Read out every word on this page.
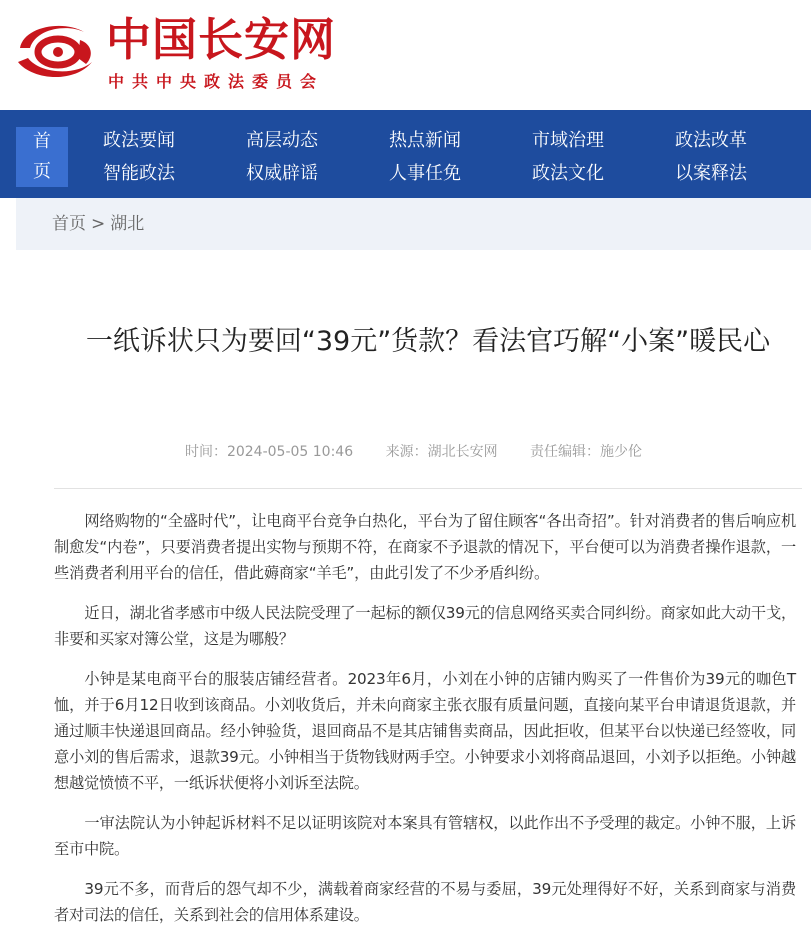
中国长安网
中共中央政法委员会
首
页
政法要闻	高层动态	热点新闻	市域治理	政法改革
智能政法	权威辟谣	人事任免	政法文化	以案释法
首页 > 湖北
一纸诉状只为要回“39元”货款？看法官巧解“小案”暖民心
时间：2024-05-05 10:46 来源：湖北长安网 责任编辑：施少伦

网络购物的“全盛时代”，让电商平台竞争白热化，平台为了留住顾客“各出奇招”。针对消费者的售后响应机制愈发“内卷”，只要消费者提出实物与预期不符，在商家不予退款的情况下，平台便可以为消费者操作退款，一些消费者利用平台的信任，借此薅商家“羊毛”，由此引发了不少矛盾纠纷。

近日，湖北省孝感市中级人民法院受理了一起标的额仅39元的信息网络买卖合同纠纷。商家如此大动干戈，非要和买家对簿公堂，这是为哪般？

小钟是某电商平台的服装店铺经营者。2023年6月，小刘在小钟的店铺内购买了一件售价为39元的咖色T恤，并于6月12日收到该商品。小刘收货后，并未向商家主张衣服有质量问题，直接向某平台申请退货退款，并通过顺丰快递退回商品。经小钟验货，退回商品不是其店铺售卖商品，因此拒收，但某平台以快递已经签收，同意小刘的售后需求，退款39元。小钟相当于货物钱财两手空。小钟要求小刘将商品退回，小刘予以拒绝。小钟越想越觉愤愤不平，一纸诉状便将小刘诉至法院。

一审法院认为小钟起诉材料不足以证明该院对本案具有管辖权，以此作出不予受理的裁定。小钟不服，上诉至市中院。

39元不多，而背后的怨气却不少，满载着商家经营的不易与委屈，39元处理得好不好，关系到商家与消费者对司法的信任，关系到社会的信用体系建设。
